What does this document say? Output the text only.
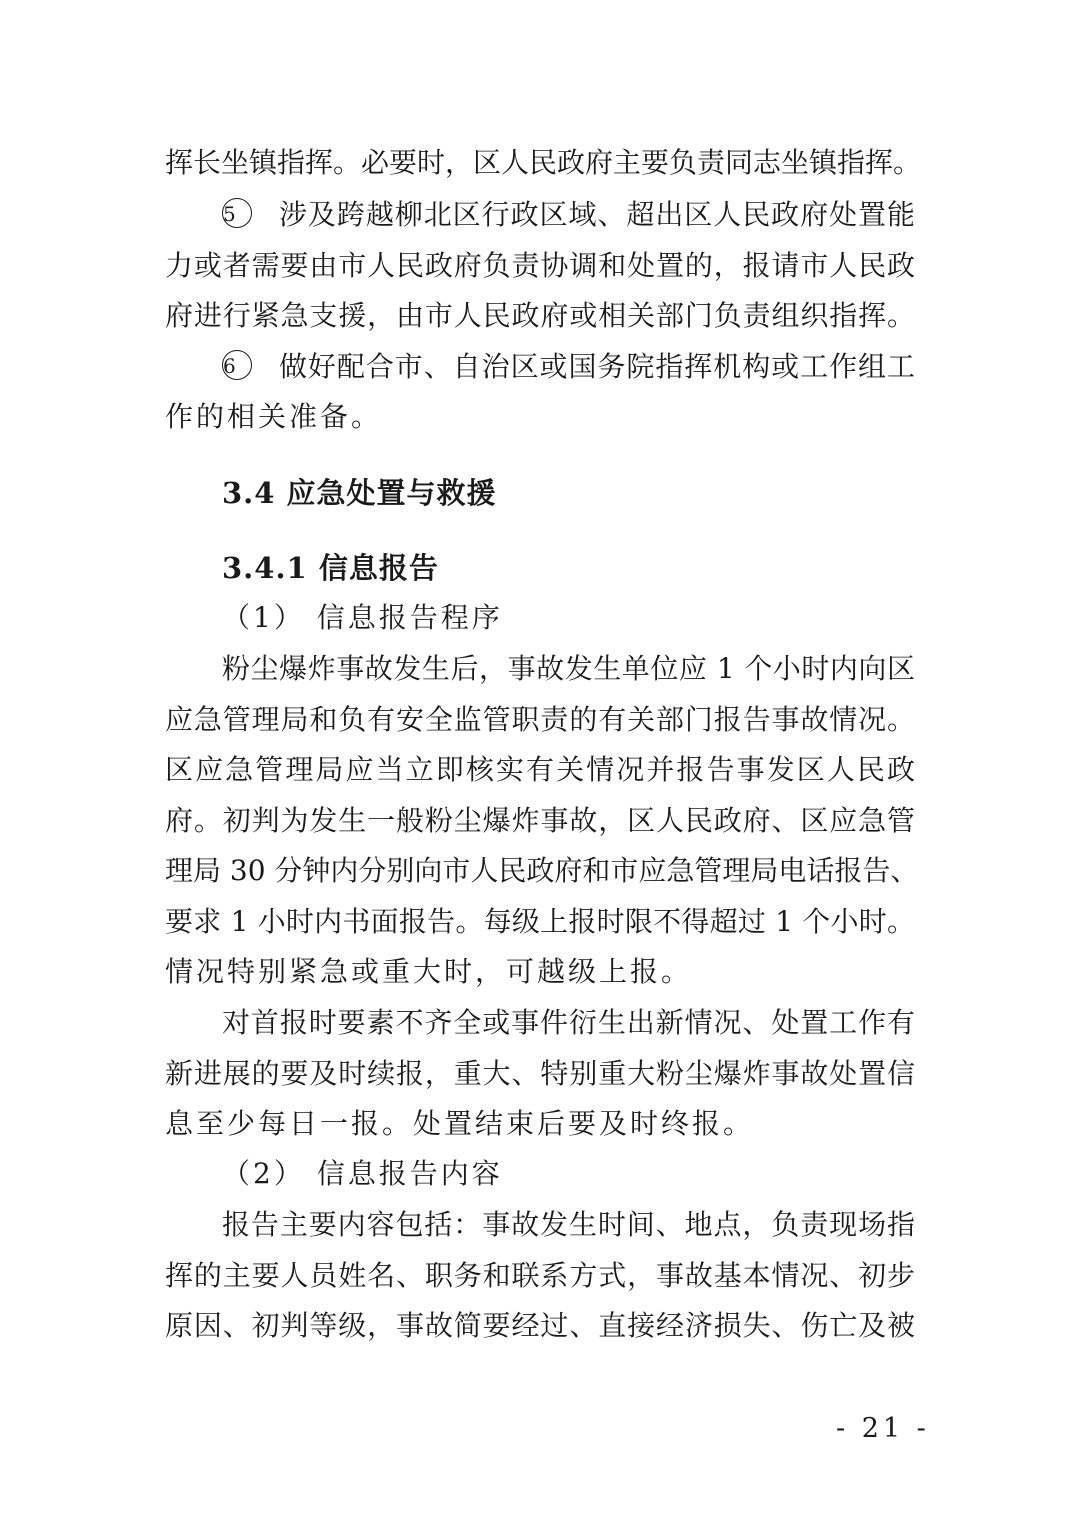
挥长坐镇指挥。必要时，区人民政府主要负责同志坐镇指挥。
5 涉及跨越柳北区行政区域、超出区人民政府处置能
力或者需要由市人民政府负责协调和处置的，报请市人民政
府进行紧急支援，由市人民政府或相关部门负责组织指挥。
6 做好配合市、自治区或国务院指挥机构或工作组工
作的相关准备。
3.4 应急处置与救援
3.4.1 信息报告
（1） 信息报告程序
粉尘爆炸事故发生后，事故发生单位应 1 个小时内向区
应急管理局和负有安全监管职责的有关部门报告事故情况。
区应急管理局应当立即核实有关情况并报告事发区人民政
府。初判为发生一般粉尘爆炸事故，区人民政府、区应急管
理局 30 分钟内分别向市人民政府和市应急管理局电话报告、
要求 1 小时内书面报告。每级上报时限不得超过 1 个小时。
情况特别紧急或重大时，可越级上报。
对首报时要素不齐全或事件衍生出新情况、处置工作有
新进展的要及时续报，重大、特别重大粉尘爆炸事故处置信
息至少每日一报。处置结束后要及时终报。
（2） 信息报告内容
报告主要内容包括：事故发生时间、地点，负责现场指
挥的主要人员姓名、职务和联系方式，事故基本情况、初步
原因、初判等级，事故简要经过、直接经济损失、伤亡及被
- 21 -
